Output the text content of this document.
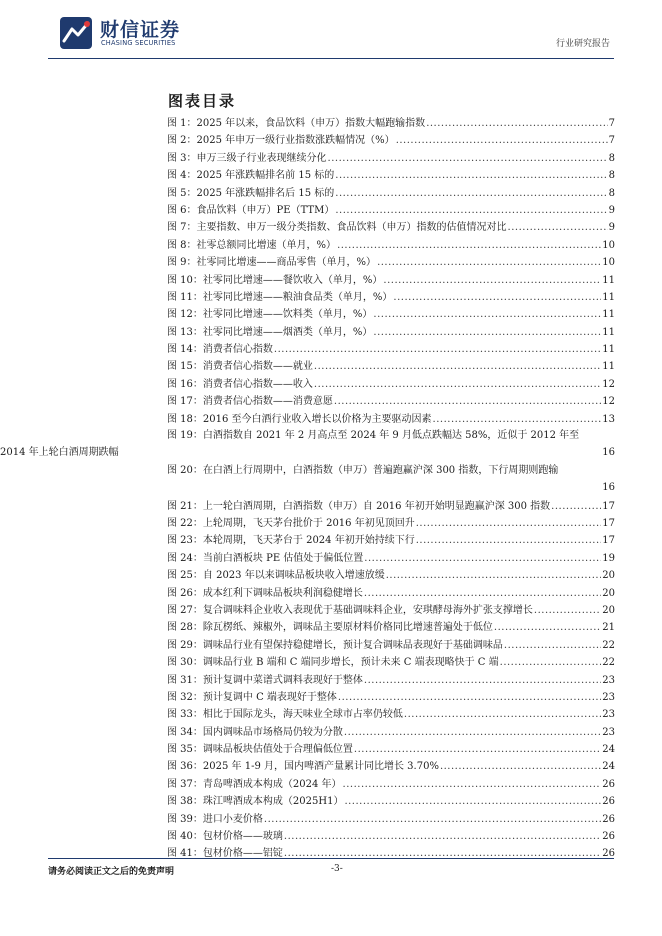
财信证券
CHASING SECURITIES	行业研究报告
图表目录
图 1：2025 年以来，食品饮料（申万）指数大幅跑输指数 .....	7
图 2：2025 年申万一级行业指数涨跌幅情况（%） .....	7
图 3：申万三级子行业表现继续分化 .....	8
图 4：2025 年涨跌幅排名前 15 标的 .....	8
图 5：2025 年涨跌幅排名后 15 标的 .....	8
图 6：食品饮料（申万）PE（TTM） .....	9
图 7：主要指数、申万一级分类指数、食品饮料（申万）指数的估值情况对比 .....	9
图 8：社零总额同比增速（单月，%） .....	10
图 9：社零同比增速——商品零售（单月，%） .....	10
图 10：社零同比增速——餐饮收入（单月，%） .....	11
图 11：社零同比增速——粮油食品类（单月，%） .....	11
图 12：社零同比增速——饮料类（单月，%） .....	11
图 13：社零同比增速——烟酒类（单月，%） .....	11
图 14：消费者信心指数 .....	11
图 15：消费者信心指数——就业 .....	11
图 16：消费者信心指数——收入 .....	12
图 17：消费者信心指数——消费意愿 .....	12
图 18：2016 至今白酒行业收入增长以价格为主要驱动因素 .....	13
图 19：白酒指数自 2021 年 2 月高点至 2024 年 9 月低点跌幅达 58%，近似于 2012 年至
2014 年上轮白酒周期跌幅	16
图 20：在白酒上行周期中，白酒指数（申万）普遍跑赢沪深 300 指数，下行周期则跑输
16
图 21：上一轮白酒周期，白酒指数（申万）自 2016 年初开始明显跑赢沪深 300 指数 .....	17
图 22：上轮周期，飞天茅台批价于 2016 年初见顶回升 .....	17
图 23：本轮周期，飞天茅台于 2024 年初开始持续下行 .....	17
图 24：当前白酒板块 PE 估值处于偏低位置 .....	19
图 25：自 2023 年以来调味品板块收入增速放缓 .....	20
图 26：成本红利下调味品板块利润稳健增长 .....	20
图 27：复合调味料企业收入表现优于基础调味料企业，安琪酵母海外扩张支撑增长 .....	20
图 28：除瓦楞纸、辣椒外，调味品主要原材料价格同比增速普遍处于低位 .....	21
图 29：调味品行业有望保持稳健增长，预计复合调味品表现好于基础调味品 .....	22
图 30：调味品行业 B 端和 C 端同步增长，预计未来 C 端表现略快于 C 端 .....	22
图 31：预计复调中菜谱式调料表现好于整体 .....	23
图 32：预计复调中 C 端表现好于整体 .....	23
图 33：相比于国际龙头，海天味业全球市占率仍较低 .....	23
图 34：国内调味品市场格局仍较为分散 .....	23
图 35：调味品板块估值处于合理偏低位置 .....	24
图 36：2025 年 1-9 月，国内啤酒产量累计同比增长 3.70% .....	24
图 37：青岛啤酒成本构成（2024 年） .....	26
图 38：珠江啤酒成本构成（2025H1） .....	26
图 39：进口小麦价格 .....	26
图 40：包材价格——玻璃 .....	26
图 41：包材价格——铝锭 .....	26
请务必阅读正文之后的免责声明	-3-
